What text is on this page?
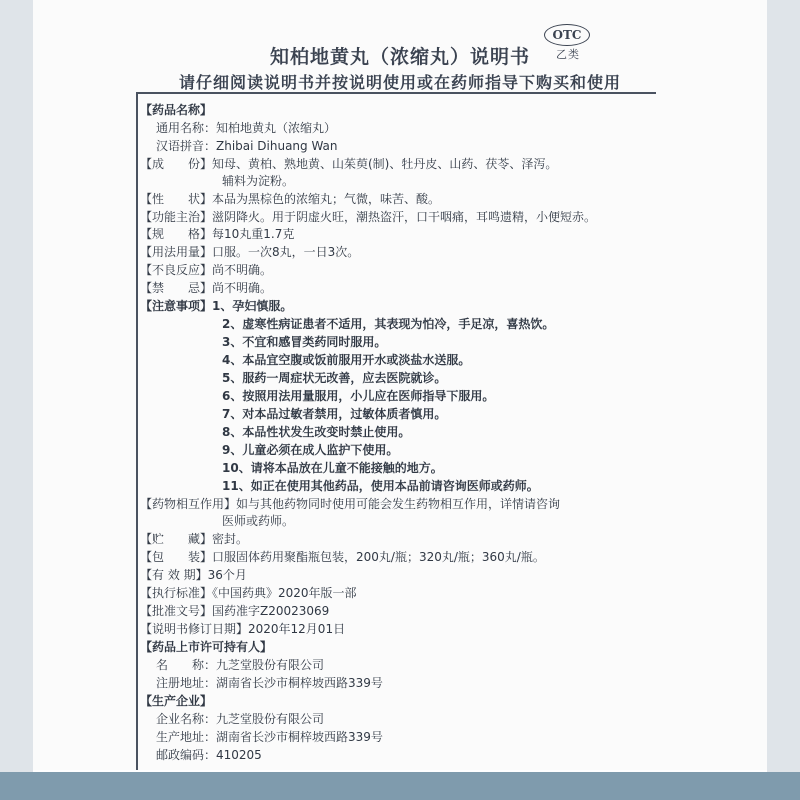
知柏地黄丸（浓缩丸）说明书
请仔细阅读说明书并按说明使用或在药师指导下购买和使用
OTC
乙类
【药品名称】
通用名称：知柏地黄丸（浓缩丸）
汉语拼音：Zhibai Dihuang Wan
【成　　份】知母、黄柏、熟地黄、山茱萸(制)、牡丹皮、山药、茯苓、泽泻。
辅料为淀粉。
【性　　状】本品为黑棕色的浓缩丸；气微，味苦、酸。
【功能主治】滋阴降火。用于阴虚火旺，潮热盗汗，口干咽痛，耳鸣遗精，小便短赤。
【规　　格】每10丸重1.7克
【用法用量】口服。一次8丸，一日3次。
【不良反应】尚不明确。
【禁　　忌】尚不明确。
【注意事项】1、孕妇慎服。
2、虚寒性病证患者不适用，其表现为怕冷，手足凉，喜热饮。
3、不宜和感冒类药同时服用。
4、本品宜空腹或饭前服用开水或淡盐水送服。
5、服药一周症状无改善，应去医院就诊。
6、按照用法用量服用，小儿应在医师指导下服用。
7、对本品过敏者禁用，过敏体质者慎用。
8、本品性状发生改变时禁止使用。
9、儿童必须在成人监护下使用。
10、请将本品放在儿童不能接触的地方。
11、如正在使用其他药品，使用本品前请咨询医师或药师。
【药物相互作用】如与其他药物同时使用可能会发生药物相互作用，详情请咨询
医师或药师。
【贮　　藏】密封。
【包　　装】口服固体药用聚酯瓶包装，200丸/瓶；320丸/瓶；360丸/瓶。
【有 效 期】36个月
【执行标准】《中国药典》2020年版一部
【批准文号】国药准字Z20023069
【说明书修订日期】2020年12月01日
【药品上市许可持有人】
名　　称：九芝堂股份有限公司
注册地址：湖南省长沙市桐梓坡西路339号
【生产企业】
企业名称：九芝堂股份有限公司
生产地址：湖南省长沙市桐梓坡西路339号
邮政编码：410205
